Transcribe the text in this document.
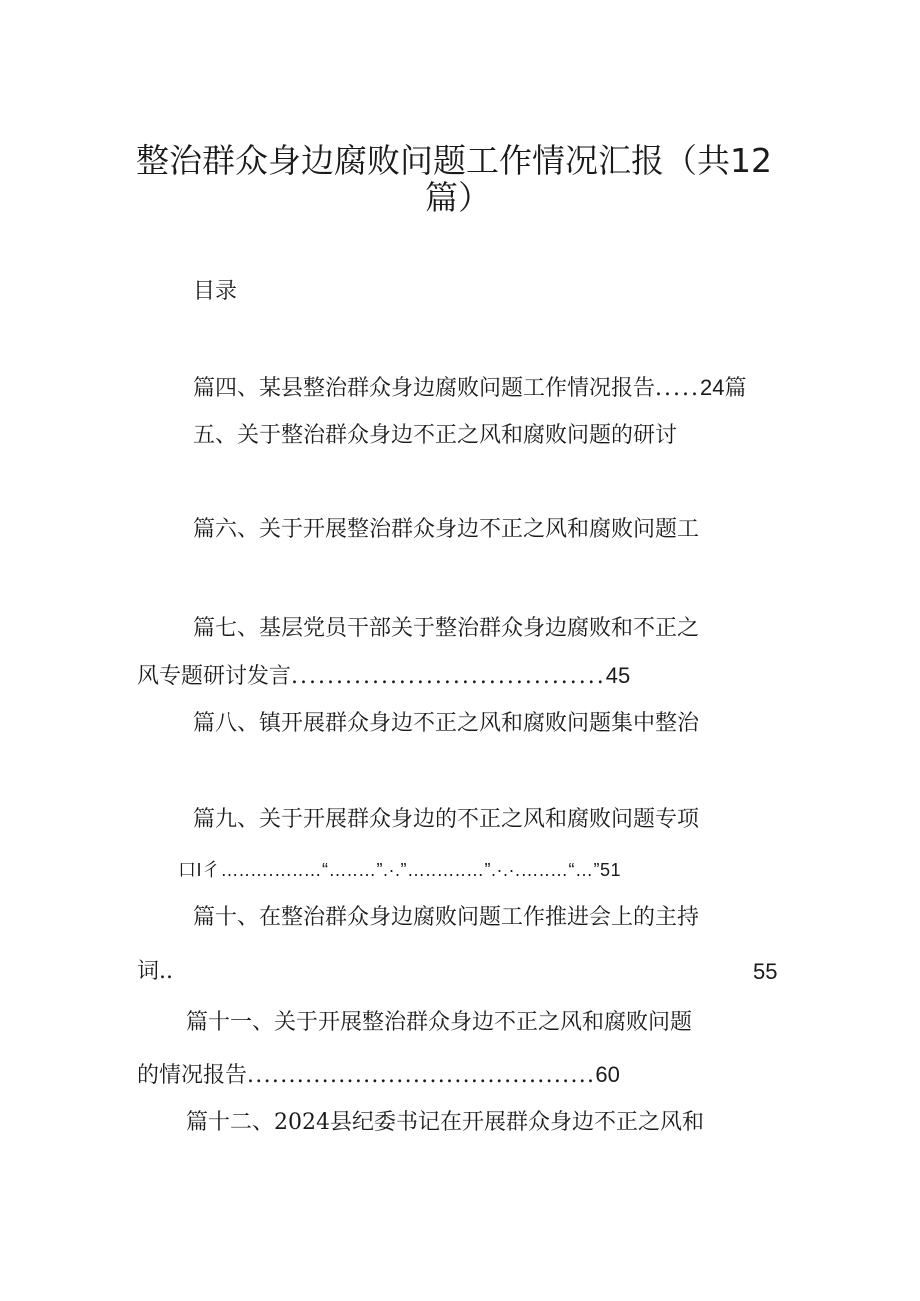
整治群众身边腐败问题工作情况汇报（共12
篇）
目录
篇四、某县整治群众身边腐败问题工作情况报告.....24篇
五、关于整治群众身边不正之风和腐败问题的研讨
篇六、关于开展整治群众身边不正之风和腐败问题工
篇七、基层党员干部关于整治群众身边腐败和不正之
风专题研讨发言...................................45
篇八、镇开展群众身边不正之风和腐败问题集中整治
篇九、关于开展群众身边的不正之风和腐败问题专项
口I彳…..….…..…“…..…”.·.”…..…..…”.·.·.…..…“…”51
篇十、在整治群众身边腐败问题工作推进会上的主持
词..	55
篇十一、关于开展整治群众身边不正之风和腐败问题
的情况报告..........................................60
篇十二、2024县纪委书记在开展群众身边不正之风和
